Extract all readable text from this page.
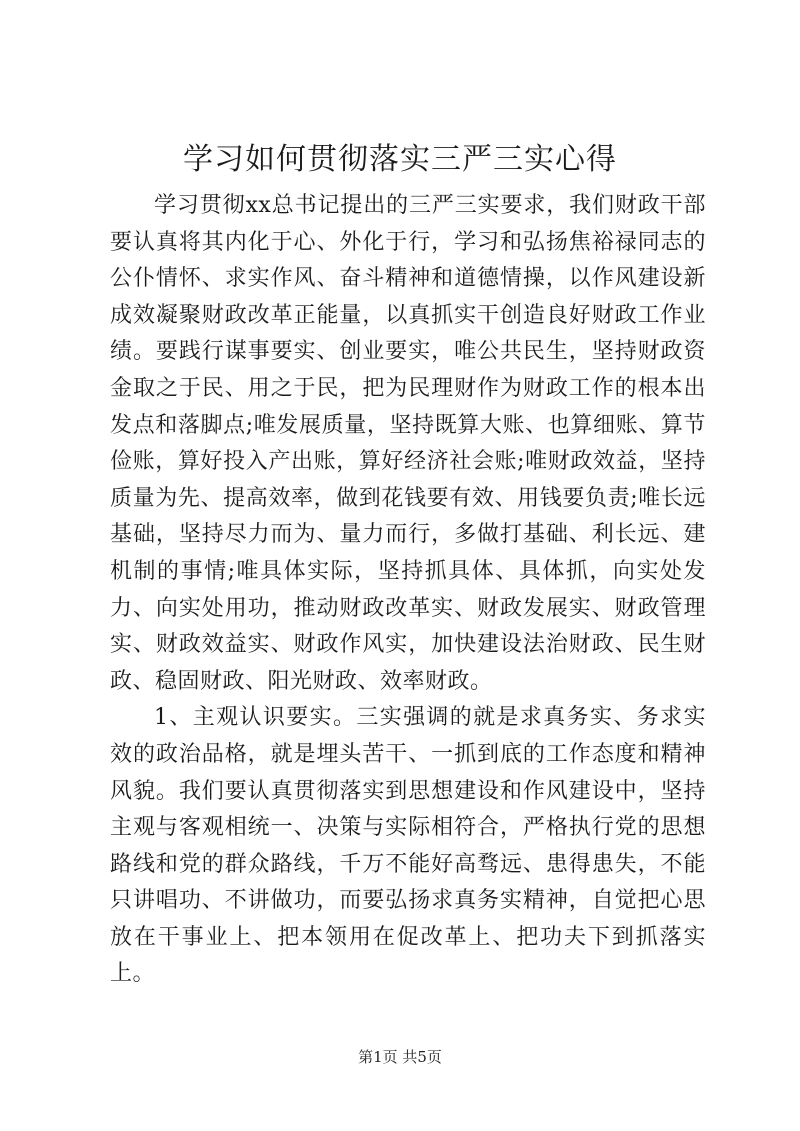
学习如何贯彻落实三严三实心得

学习贯彻xx总书记提出的三严三实要求，我们财政干部要认真将其内化于心、外化于行，学习和弘扬焦裕禄同志的公仆情怀、求实作风、奋斗精神和道德情操，以作风建设新成效凝聚财政改革正能量，以真抓实干创造良好财政工作业绩。要践行谋事要实、创业要实，唯公共民生，坚持财政资金取之于民、用之于民，把为民理财作为财政工作的根本出发点和落脚点;唯发展质量，坚持既算大账、也算细账、算节俭账，算好投入产出账，算好经济社会账;唯财政效益，坚持质量为先、提高效率，做到花钱要有效、用钱要负责;唯长远基础，坚持尽力而为、量力而行，多做打基础、利长远、建机制的事情;唯具体实际，坚持抓具体、具体抓，向实处发力、向实处用功，推动财政改革实、财政发展实、财政管理实、财政效益实、财政作风实，加快建设法治财政、民生财政、稳固财政、阳光财政、效率财政。

1、主观认识要实。三实强调的就是求真务实、务求实效的政治品格，就是埋头苦干、一抓到底的工作态度和精神风貌。我们要认真贯彻落实到思想建设和作风建设中，坚持主观与客观相统一、决策与实际相符合，严格执行党的思想路线和党的群众路线，千万不能好高骛远、患得患失，不能只讲唱功、不讲做功，而要弘扬求真务实精神，自觉把心思放在干事业上、把本领用在促改革上、把功夫下到抓落实上。

第1页 共5页
